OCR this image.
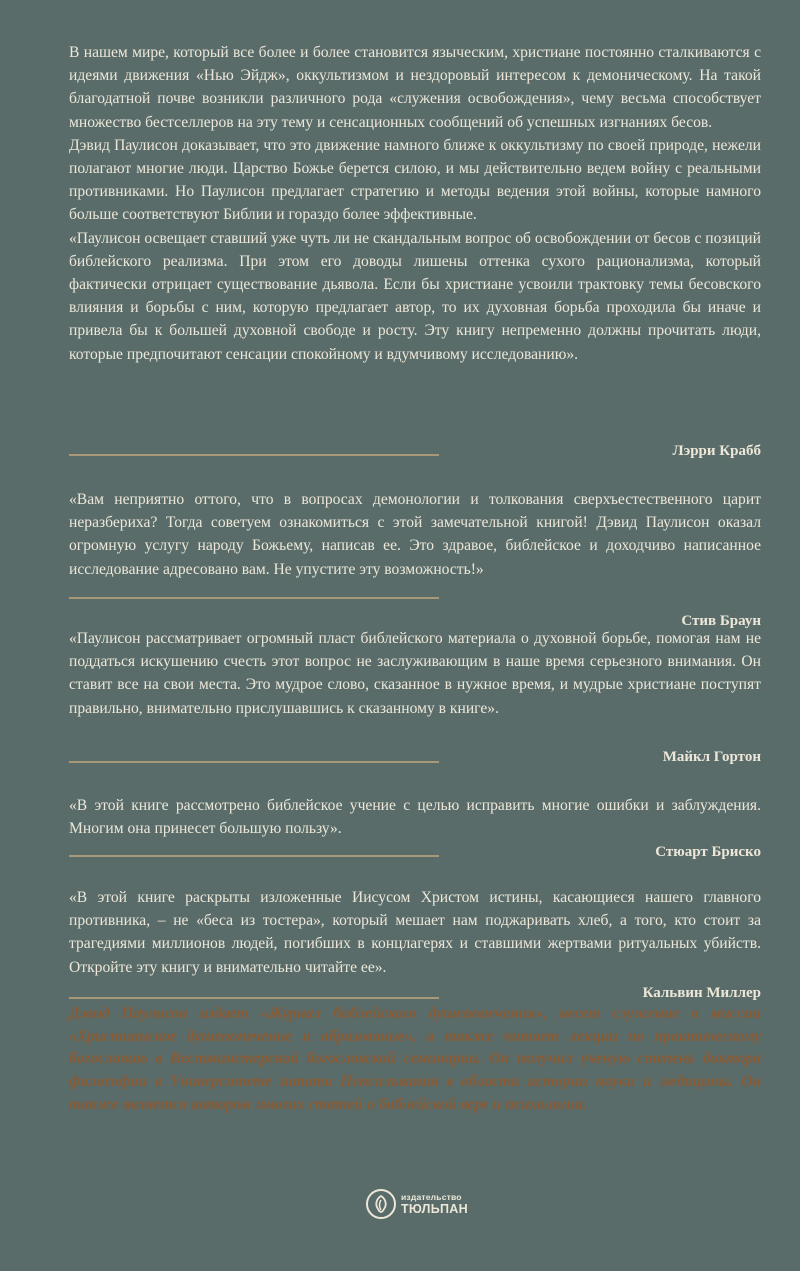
В нашем мире, который все более и более становится языческим, христиане постоянно сталкиваются с идеями движения «Нью Эйдж», оккультизмом и нездоровый интересом к демоническому. На такой благодатной почве возникли различного рода «служения освобождения», чему весьма способствует множество бестселлеров на эту тему и сенсационных сообщений об успешных изгнаниях бесов.

Дэвид Паулисон доказывает, что это движение намного ближе к оккультизму по своей природе, нежели полагают многие люди. Царство Божье берется силою, и мы действительно ведем войну с реальными противниками. Но Паулисон предлагает стратегию и методы ведения этой войны, которые намного больше соответствуют Библии и гораздо более эффективные.

«Паулисон освещает ставший уже чуть ли не скандальным вопрос об освобождении от бесов с позиций библейского реализма. При этом его доводы лишены оттенка сухого рационализма, который фактически отрицает существование дьявола. Если бы христиане усвоили трактовку темы бесовского влияния и борьбы с ним, которую предлагает автор, то их духовная борьба проходила бы иначе и привела бы к большей духовной свободе и росту. Эту книгу непременно должны прочитать люди, которые предпочитают сенсации спокойному и вдумчивому исследованию».

Лэрри Крабб

«Вам неприятно оттого, что в вопросах демонологии и толкования сверхъестественного царит неразбериха? Тогда советуем ознакомиться с этой замечательной книгой! Дэвид Паулисон оказал огромную услугу народу Божьему, написав ее. Это здравое, библейское и доходчиво написанное исследование адресовано вам. Не упустите эту возможность!»

Стив Браун

«Паулисон рассматривает огромный пласт библейского материала о духовной борьбе, помогая нам не поддаться искушению счесть этот вопрос не заслуживающим в наше время серьезного внимания. Он ставит все на свои места. Это мудрое слово, сказанное в нужное время, и мудрые христиане поступят правильно, внимательно прислушавшись к сказанному в книге».

Майкл Гортон

«В этой книге рассмотрено библейское учение с целью исправить многие ошибки и заблуждения. Многим она принесет большую пользу».

Стюарт Бриско

«В этой книге раскрыты изложенные Иисусом Христом истины, касающиеся нашего главного противника, – не «беса из тостера», который мешает нам поджаривать хлеб, а того, кто стоит за трагедиями миллионов людей, погибших в концлагерях и ставшими жертвами ритуальных убийств. Откройте эту книгу и внимательно читайте ее».

Кальвин Миллер

Дэвид Паулисон издает «Журнал библейского душепопечения», несет служение в миссии «Христианское душепопечение и образование», а также читает лекции по практическому богословию в Вестминстерской богословской семинарии. Он получил ученую степень доктора философии в Университете штата Пенсильвания в области истории науки и медицины. Он также является автором многих статей о библейской вере и психологии.

издательство
ТЮЛЬПАН
